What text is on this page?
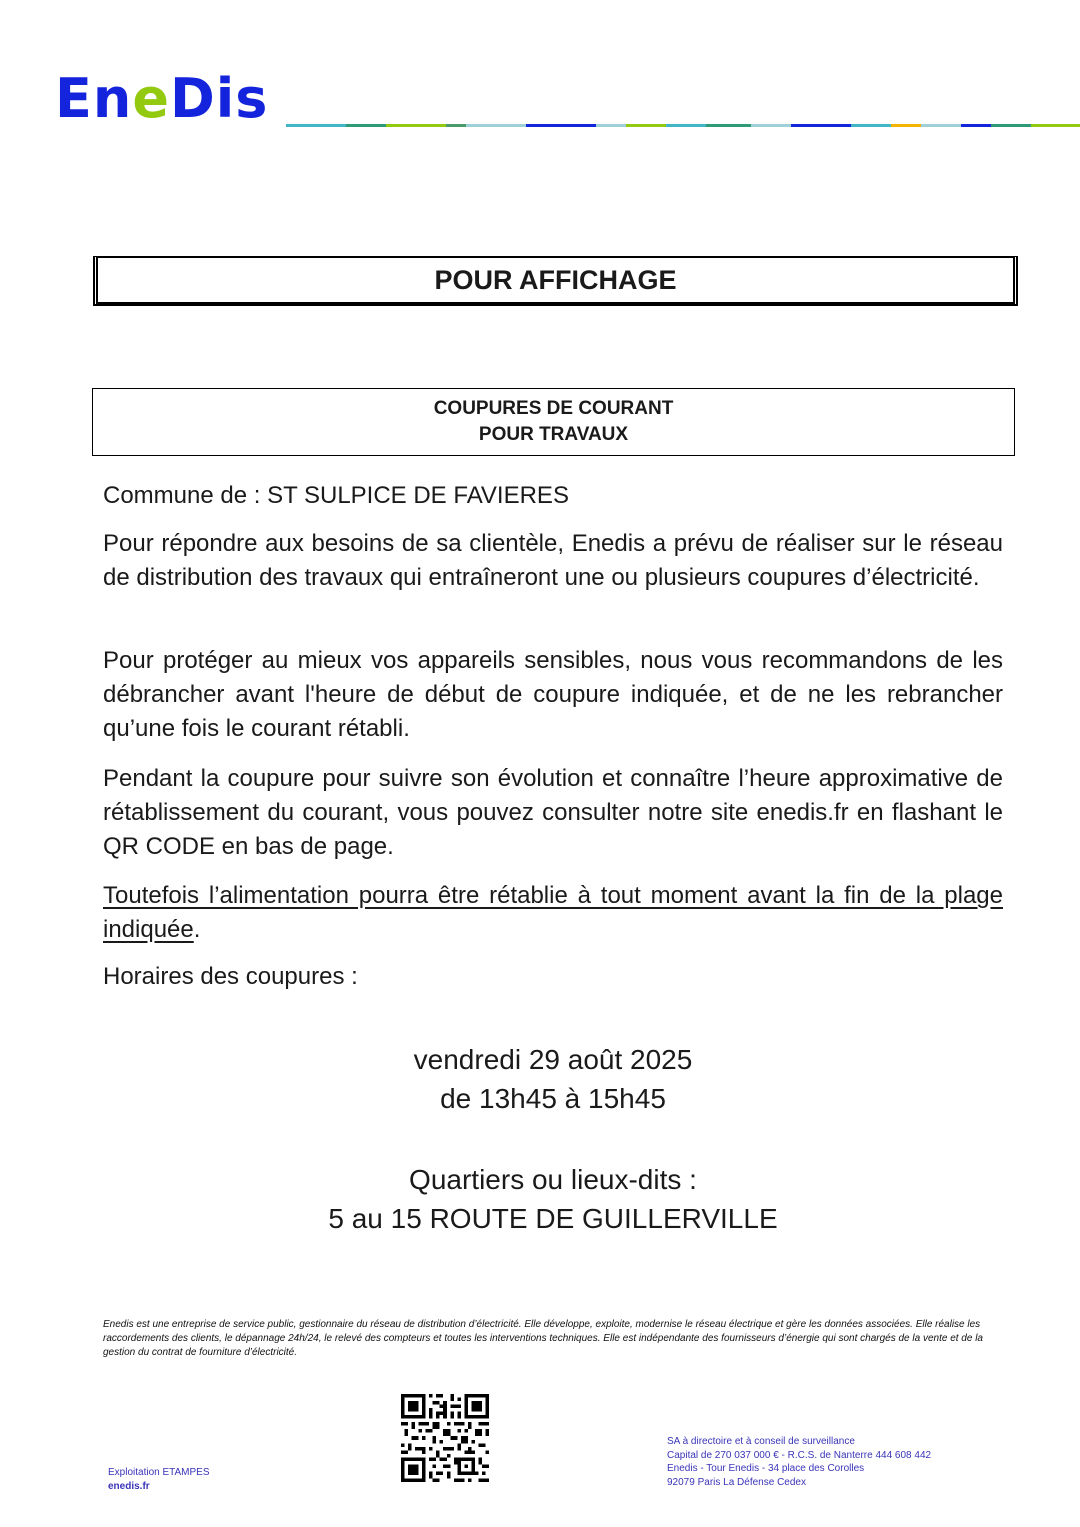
EneDis
POUR AFFICHAGE
COUPURES DE COURANT
POUR TRAVAUX

Commune de : ST SULPICE DE FAVIERES

Pour répondre aux besoins de sa clientèle, Enedis a prévu de réaliser sur le réseau de distribution des travaux qui entraîneront une ou plusieurs coupures d’électricité.

Pour protéger au mieux vos appareils sensibles, nous vous recommandons de les débrancher avant l'heure de début de coupure indiquée, et de ne les rebrancher qu’une fois le courant rétabli.

Pendant la coupure pour suivre son évolution et connaître l’heure approximative de rétablissement du courant, vous pouvez consulter notre site enedis.fr en flashant le QR CODE en bas de page.

Toutefois l’alimentation pourra être rétablie à tout moment avant la fin de la plage indiquée.

Horaires des coupures :

vendredi 29 août 2025
de 13h45 à 15h45
Quartiers ou lieux-dits :
5 au 15 ROUTE DE GUILLERVILLE
Enedis est une entreprise de service public, gestionnaire du réseau de distribution d’électricité. Elle développe, exploite, modernise le réseau électrique et gère les données associées. Elle réalise les raccordements des clients, le dépannage 24h/24, le relevé des compteurs et toutes les interventions techniques. Elle est indépendante des fournisseurs d’énergie qui sont chargés de la vente et de la gestion du contrat de fourniture d’électricité.
Exploitation ETAMPES
enedis.fr
SA à directoire et à conseil de surveillance
Capital de 270 037 000 € - R.C.S. de Nanterre 444 608 442
Enedis - Tour Enedis - 34 place des Corolles
92079 Paris La Défense Cedex
